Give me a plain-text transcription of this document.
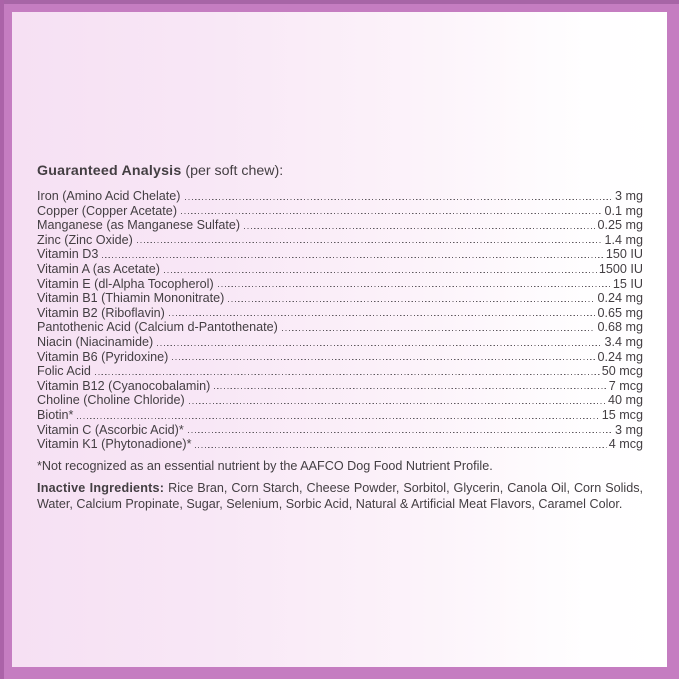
Guaranteed Analysis (per soft chew):
Iron (Amino Acid Chelate)	3 mg
Copper (Copper Acetate)	0.1 mg
Manganese (as Manganese Sulfate)	0.25 mg
Zinc (Zinc Oxide)	1.4 mg
Vitamin D3	150 IU
Vitamin A (as Acetate)	1500 IU
Vitamin E (dl-Alpha Tocopherol)	15 IU
Vitamin B1 (Thiamin Mononitrate)	0.24 mg
Vitamin B2 (Riboflavin)	0.65 mg
Pantothenic Acid (Calcium d-Pantothenate)	0.68 mg
Niacin (Niacinamide)	3.4 mg
Vitamin B6 (Pyridoxine)	0.24 mg
Folic Acid	50 mcg
Vitamin B12 (Cyanocobalamin)	7 mcg
Choline (Choline Chloride)	40 mg
Biotin*	15 mcg
Vitamin C (Ascorbic Acid)*	3 mg
Vitamin K1 (Phytonadione)*	4 mcg

*Not recognized as an essential nutrient by the AAFCO Dog Food Nutrient Profile.

Inactive Ingredients: Rice Bran, Corn Starch, Cheese Powder, Sorbitol, Glycerin, Canola Oil, Corn Solids, Water, Calcium Propinate, Sugar, Selenium, Sorbic Acid, Natural & Artificial Meat Flavors, Caramel Color.
